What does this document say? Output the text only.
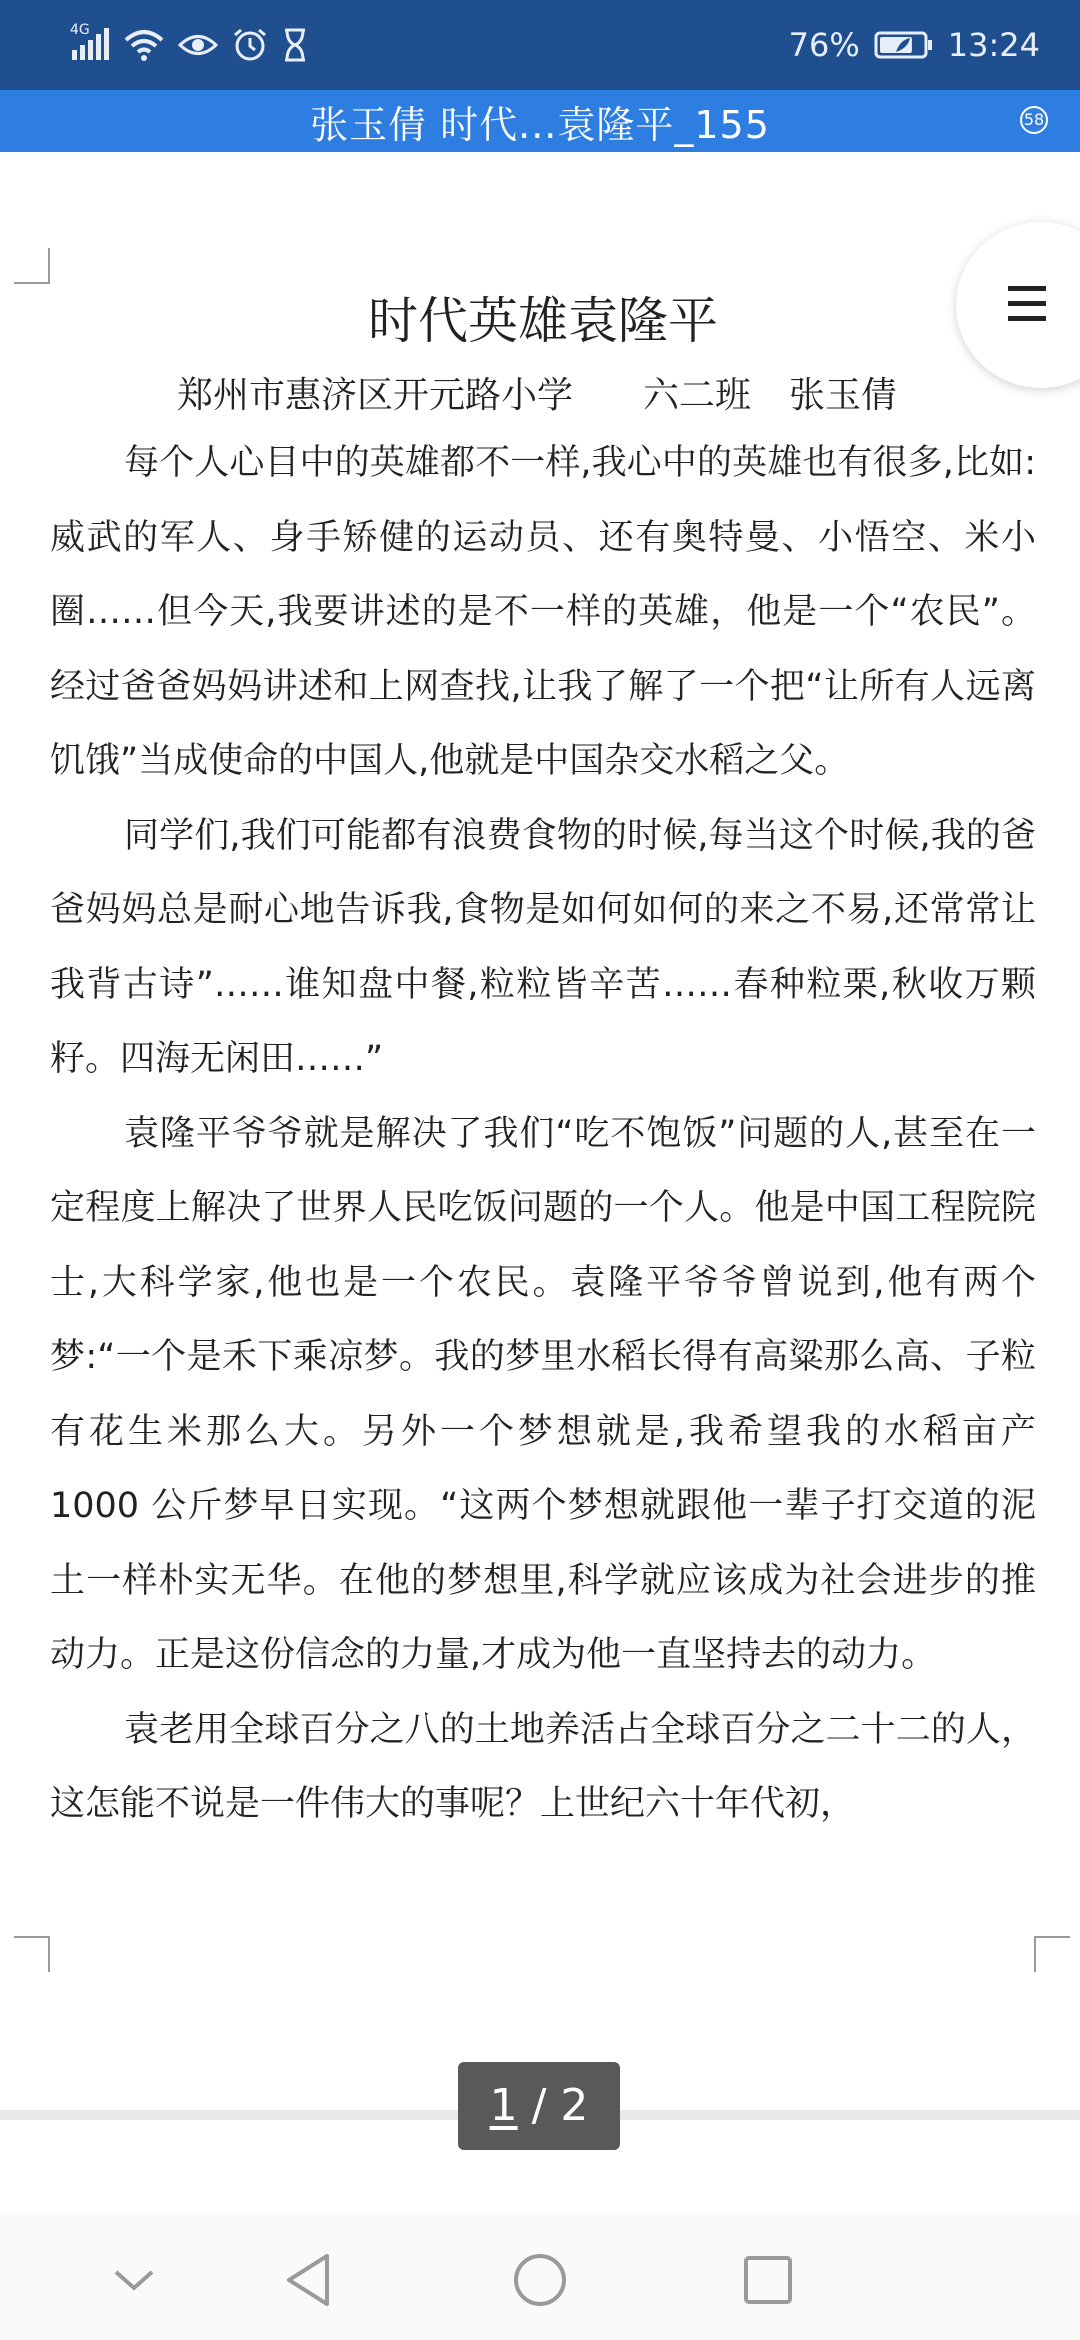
4G	76%	13:24
张玉倩 时代...袁隆平_155	58
时代英雄袁隆平

郑州市惠济区开元路小学 六二班 张玉倩

每个人心目中的英雄都不一样,我心中的英雄也有很多,比如:威武的军人、身手矫健的运动员、还有奥特曼、小悟空、米小圈……但今天,我要讲述的是不一样的英雄，他是一个“农民”。经过爸爸妈妈讲述和上网查找,让我了解了一个把“让所有人远离饥饿”当成使命的中国人,他就是中国杂交水稻之父。

同学们,我们可能都有浪费食物的时候,每当这个时候,我的爸爸妈妈总是耐心地告诉我,食物是如何如何的来之不易,还常常让我背古诗”……谁知盘中餐,粒粒皆辛苦……春种粒栗,秋收万颗籽。四海无闲田……”

袁隆平爷爷就是解决了我们“吃不饱饭”问题的人,甚至在一定程度上解决了世界人民吃饭问题的一个人。他是中国工程院院士,大科学家,他也是一个农民。袁隆平爷爷曾说到,他有两个梦:“一个是禾下乘凉梦。我的梦里水稻长得有高粱那么高、子粒有花生米那么大。另外一个梦想就是,我希望我的水稻亩产 1000 公斤梦早日实现。“这两个梦想就跟他一辈子打交道的泥土一样朴实无华。在他的梦想里,科学就应该成为社会进步的推动力。正是这份信念的力量,才成为他一直坚持去的动力。

袁老用全球百分之八的土地养活占全球百分之二十二的人，这怎能不说是一件伟大的事呢？上世纪六十年代初，

1 / 2
